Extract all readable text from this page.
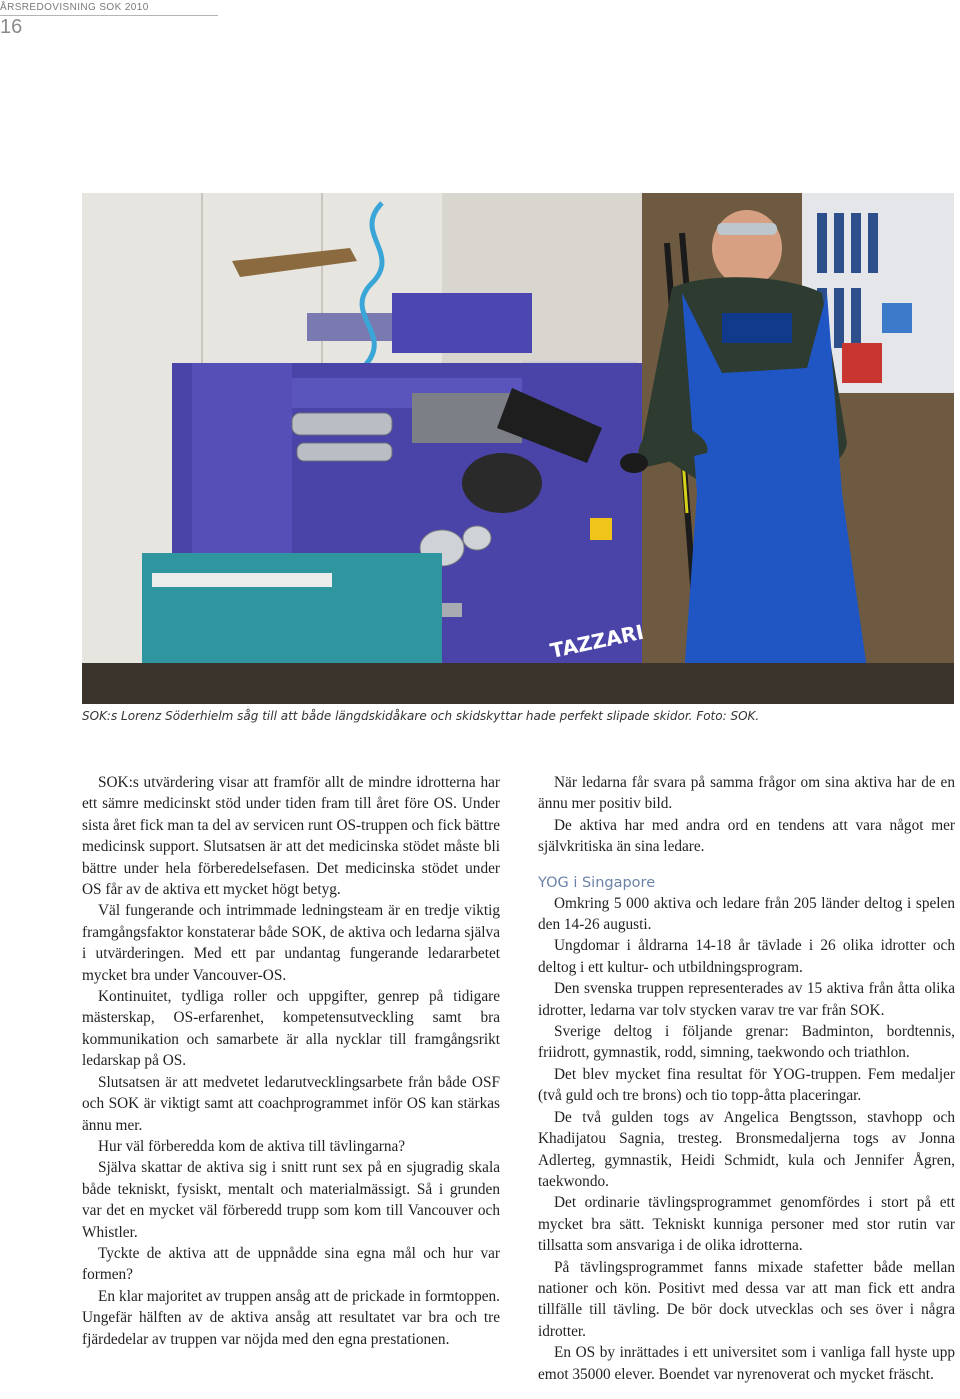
ÅRSREDOVISNING SOK 2010
16
TAZZARI
SOK:s Lorenz Söderhielm såg till att både längdskidåkare och skidskyttar hade perfekt slipade skidor. Foto: SOK.

SOK:s utvärdering visar att framför allt de mindre idrotterna har ett sämre medicinskt stöd under tiden fram till året före OS. Under sista året fick man ta del av servicen runt OS-truppen och fick bättre medicinsk support. Slutsatsen är att det medicinska stödet måste bli bättre under hela förberedelsefasen. Det medicinska stödet under OS får av de aktiva ett mycket högt betyg.

Väl fungerande och intrimmade ledningsteam är en tredje viktig framgångsfaktor konstaterar både SOK, de aktiva och ledarna själva i utvärderingen. Med ett par undantag fungerande ledararbetet mycket bra under Vancouver-OS.

Kontinuitet, tydliga roller och uppgifter, genrep på tidigare mästerskap, OS-erfarenhet, kompetensutveckling samt bra kommunikation och samarbete är alla nycklar till framgångsrikt ledarskap på OS.

Slutsatsen är att medvetet ledarutvecklingsarbete från både OSF och SOK är viktigt samt att coachprogrammet inför OS kan stärkas ännu mer.

Hur väl förberedda kom de aktiva till tävlingarna?

Själva skattar de aktiva sig i snitt runt sex på en sjugradig skala både tekniskt, fysiskt, mentalt och materialmässigt. Så i grunden var det en mycket väl förberedd trupp som kom till Vancouver och Whistler.

Tyckte de aktiva att de uppnådde sina egna mål och hur var formen?

En klar majoritet av truppen ansåg att de prickade in formtoppen. Ungefär hälften av de aktiva ansåg att resultatet var bra och tre fjärdedelar av truppen var nöjda med den egna prestationen.

När ledarna får svara på samma frågor om sina aktiva har de en ännu mer positiv bild.

De aktiva har med andra ord en tendens att vara något mer självkritiska än sina ledare.

YOG i Singapore

Omkring 5 000 aktiva och ledare från 205 länder deltog i spelen den 14-26 augusti.

Ungdomar i åldrarna 14-18 år tävlade i 26 olika idrotter och deltog i ett kultur- och utbildningsprogram.

Den svenska truppen representerades av 15 aktiva från åtta olika idrotter, ledarna var tolv stycken varav tre var från SOK.

Sverige deltog i följande grenar: Badminton, bordtennis, friidrott, gymnastik, rodd, simning, taekwondo och triathlon.

Det blev mycket fina resultat för YOG-truppen. Fem medaljer (två guld och tre brons) och tio topp-åtta placeringar.

De två gulden togs av Angelica Bengtsson, stavhopp och Khadijatou Sagnia, tresteg. Bronsmedaljerna togs av Jonna Adlerteg, gymnastik, Heidi Schmidt, kula och Jennifer Ågren, taekwondo.

Det ordinarie tävlingsprogrammet genomfördes i stort på ett mycket bra sätt. Tekniskt kunniga personer med stor rutin var tillsatta som ansvariga i de olika idrotterna.

På tävlingsprogrammet fanns mixade stafetter både mellan nationer och kön. Positivt med dessa var att man fick ett andra tillfälle till tävling. De bör dock utvecklas och ses över i några idrotter.

En OS by inrättades i ett universitet som i vanliga fall hyste upp emot 35000 elever. Boendet var nyrenoverat och mycket fräscht.
